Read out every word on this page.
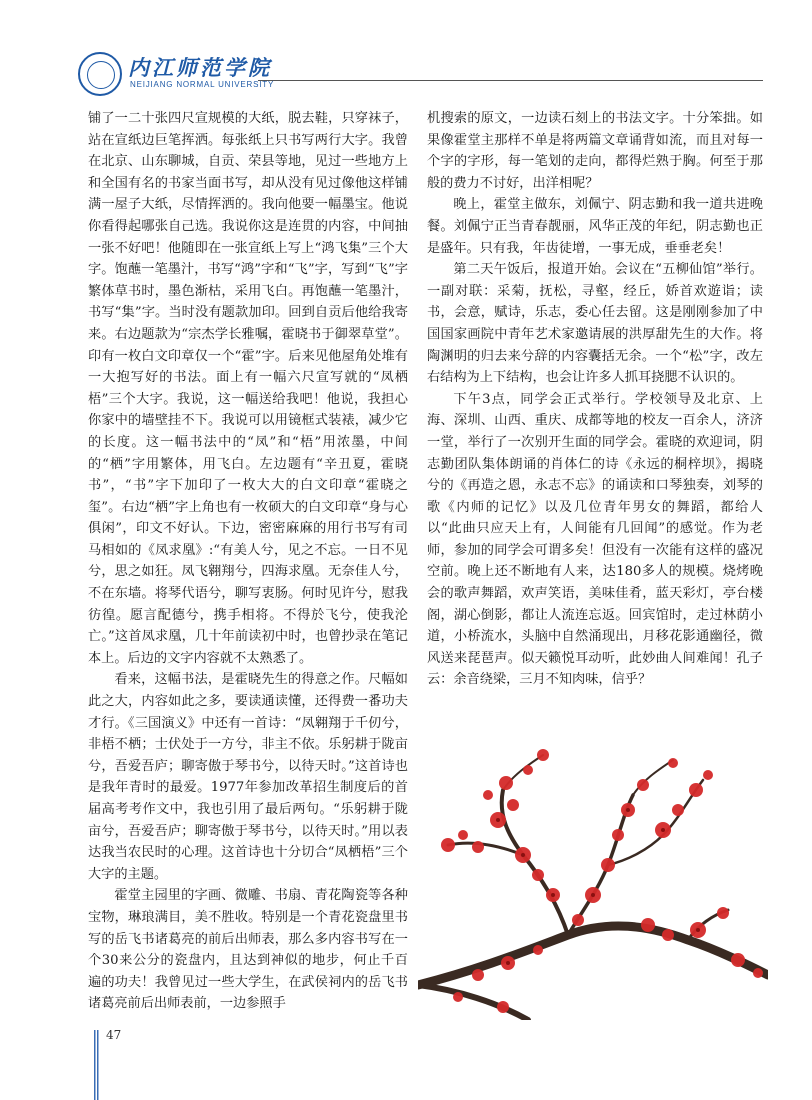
内江师范学院
NEIJIANG NORMAL UNIVERSITY

铺了一二十张四尺宣规模的大纸，脱去鞋，只穿袜子，站在宣纸边巨笔挥洒。每张纸上只书写两行大字。我曾在北京、山东聊城，自贡、荣县等地，见过一些地方上和全国有名的书家当面书写，却从没有见过像他这样铺满一屋子大纸，尽情挥洒的。我向他要一幅墨宝。他说你看得起哪张自己选。我说你这是连贯的内容，中间抽一张不好吧！他随即在一张宣纸上写上“鸿飞集”三个大字。饱蘸一笔墨汁，书写“鸿”字和“飞”字，写到“飞”字繁体草书时，墨色渐枯，采用飞白。再饱蘸一笔墨汁，书写“集”字。当时没有题款加印。回到自贡后他给我寄来。右边题款为“宗杰学长雅嘱，霍晓书于御翠草堂”。印有一枚白文印章仅一个“霍”字。后来见他屋角处堆有一大抱写好的书法。面上有一幅六尺宣写就的“凤栖梧”三个大字。我说，这一幅送给我吧！他说，我担心你家中的墙壁挂不下。我说可以用镜框式装裱，减少它的长度。这一幅书法中的“凤”和“梧”用浓墨，中间的“栖”字用繁体，用飞白。左边题有“辛丑夏，霍晓书”，“书”字下加印了一枚大大的白文印章“霍晓之玺”。右边“栖”字上角也有一枚硕大的白文印章“身与心俱闲”，印文不好认。下边，密密麻麻的用行书写有司马相如的《凤求凰》:“有美人兮，见之不忘。一日不见兮，思之如狂。凤飞翱翔兮，四海求凰。无奈佳人兮，不在东墙。将琴代语兮，聊写衷肠。何时见许兮，慰我彷徨。愿言配德兮，携手相将。不得於飞兮，使我沦亡。”这首凤求凰，几十年前读初中时，也曾抄录在笔记本上。后边的文字内容就不太熟悉了。

看来，这幅书法，是霍晓先生的得意之作。尺幅如此之大，内容如此之多，要读通读懂，还得费一番功夫才行。《三国演义》中还有一首诗：“凤翱翔于千仞兮，非梧不栖；士伏处于一方兮，非主不依。乐躬耕于陇亩兮，吾爱吾庐；聊寄傲于琴书兮，以待天时。”这首诗也是我年青时的最爱。1977年参加改革招生制度后的首届高考考作文中，我也引用了最后两句。“乐躬耕于陇亩兮，吾爱吾庐；聊寄傲于琴书兮，以待天时。”用以表达我当农民时的心理。这首诗也十分切合“凤栖梧”三个大字的主题。

霍堂主园里的字画、微雕、书扇、青花陶瓷等各种宝物，琳琅满目，美不胜收。特别是一个青花瓷盘里书写的岳飞书诸葛亮的前后出师表，那么多内容书写在一个30来公分的瓷盘内，且达到神似的地步，何止千百遍的功夫！我曾见过一些大学生，在武侯祠内的岳飞书诸葛亮前后出师表前，一边参照手

机搜索的原文，一边读石刻上的书法文字。十分笨拙。如果像霍堂主那样不单是将两篇文章诵背如流，而且对每一个字的字形，每一笔划的走向，都得烂熟于胸。何至于那般的费力不讨好，出洋相呢？

晚上，霍堂主做东，刘佩宁、阴志勤和我一道共进晚餐。刘佩宁正当青春靓丽，风华正茂的年纪，阴志勤也正是盛年。只有我，年齿徒增，一事无成，垂垂老矣！

第二天午饭后，报道开始。会议在“五柳仙馆”举行。一副对联：采菊，抚松，寻壑，经丘，娇首欢遊诣；读书，会意，赋诗，乐志，委心任去留。这是刚刚参加了中国国家画院中青年艺术家邀请展的洪厚甜先生的大作。将陶渊明的归去来兮辞的内容囊括无余。一个“松”字，改左右结构为上下结构，也会让许多人抓耳挠腮不认识的。

下午3点，同学会正式举行。学校领导及北京、上海、深圳、山西、重庆、成都等地的校友一百余人，济济一堂，举行了一次别开生面的同学会。霍晓的欢迎词，阴志勤团队集体朗诵的肖体仁的诗《永远的桐梓坝》，揭晓兮的《再造之恩，永志不忘》的诵读和口琴独奏，刘琴的歌《内师的记忆》以及几位青年男女的舞蹈，都给人以“此曲只应天上有，人间能有几回闻”的感觉。作为老师，参加的同学会可谓多矣！但没有一次能有这样的盛况空前。晚上还不断地有人来，达180多人的规模。烧烤晚会的歌声舞蹈，欢声笑语，美味佳肴，蓝天彩灯，亭台楼阁，湖心倒影，都让人流连忘返。回宾馆时，走过林荫小道，小桥流水，头脑中自然涌现出，月移花影通幽径，微风送来琵琶声。似天籁悦耳动听，此妙曲人间难闻！孔子云：余音绕梁，三月不知肉味，信乎？

47
